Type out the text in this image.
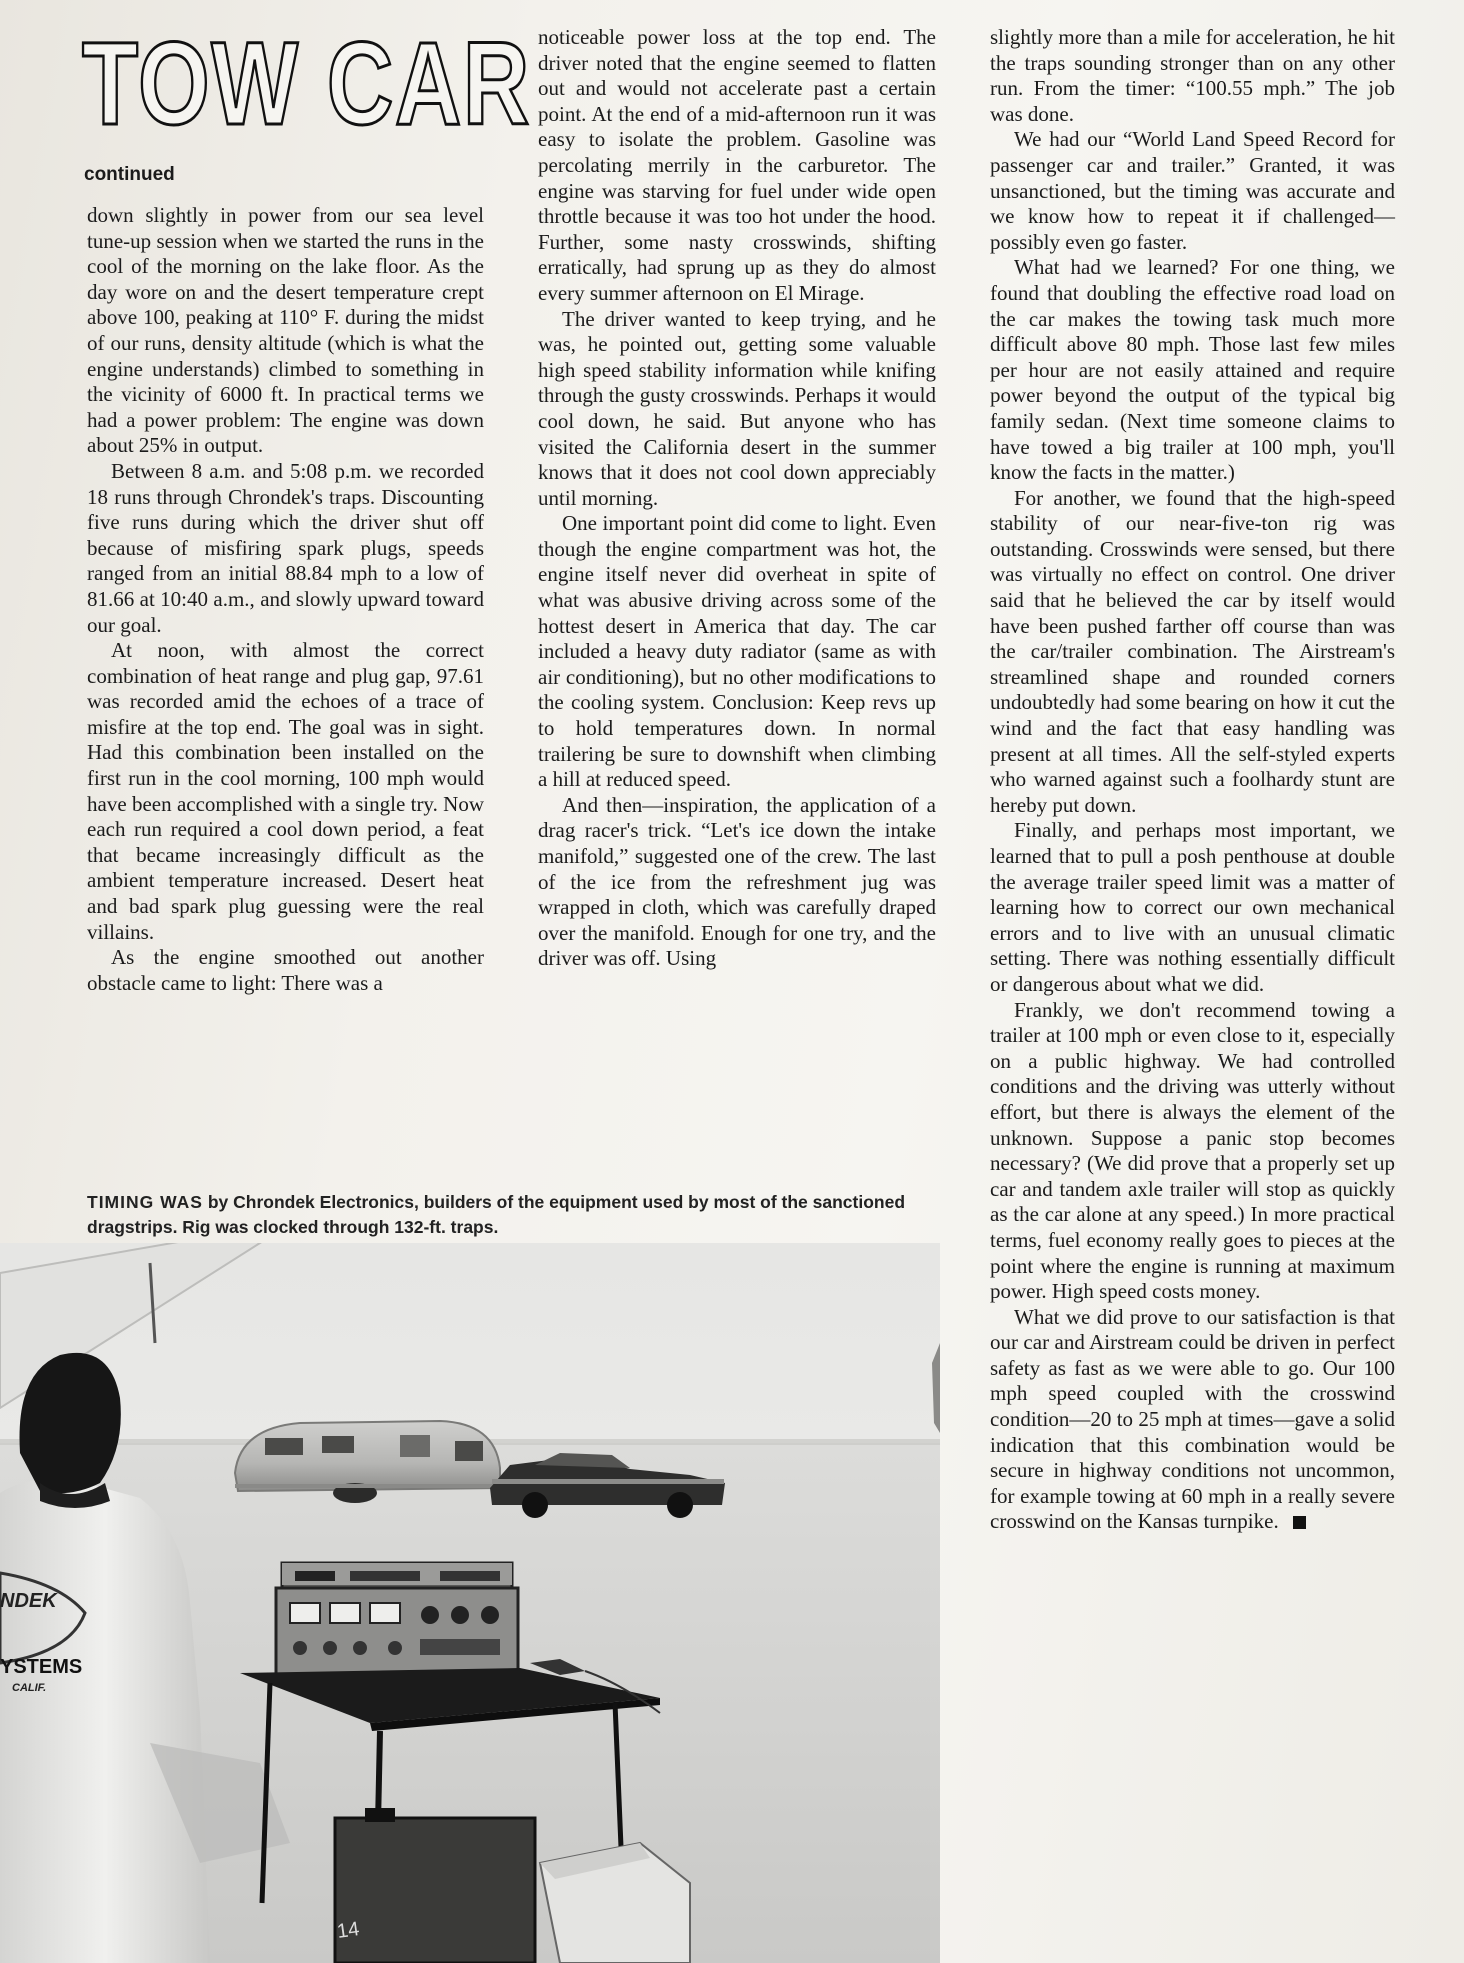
TOW CAR
continued

down slightly in power from our sea level tune-up session when we started the runs in the cool of the morning on the lake floor. As the day wore on and the desert temperature crept above 100, peaking at 110° F. during the midst of our runs, density altitude (which is what the engine understands) climbed to something in the vicinity of 6000 ft. In practical terms we had a power problem: The engine was down about 25% in output.

Between 8 a.m. and 5:08 p.m. we recorded 18 runs through Chrondek's traps. Discounting five runs during which the driver shut off because of misfiring spark plugs, speeds ranged from an initial 88.84 mph to a low of 81.66 at 10:40 a.m., and slowly upward toward our goal.

At noon, with almost the correct combination of heat range and plug gap, 97.61 was recorded amid the echoes of a trace of misfire at the top end. The goal was in sight. Had this combination been installed on the first run in the cool morning, 100 mph would have been accomplished with a single try. Now each run required a cool down period, a feat that became increasingly difficult as the ambient temperature increased. Desert heat and bad spark plug guessing were the real villains.

As the engine smoothed out another obstacle came to light: There was a

noticeable power loss at the top end. The driver noted that the engine seemed to flatten out and would not accelerate past a certain point. At the end of a mid-afternoon run it was easy to isolate the problem. Gasoline was percolating merrily in the carburetor. The engine was starving for fuel under wide open throttle because it was too hot under the hood. Further, some nasty crosswinds, shifting erratically, had sprung up as they do almost every summer afternoon on El Mirage.

The driver wanted to keep trying, and he was, he pointed out, getting some valuable high speed stability information while knifing through the gusty crosswinds. Perhaps it would cool down, he said. But anyone who has visited the California desert in the summer knows that it does not cool down appreciably until morning.

One important point did come to light. Even though the engine compartment was hot, the engine itself never did overheat in spite of what was abusive driving across some of the hottest desert in America that day. The car included a heavy duty radiator (same as with air conditioning), but no other modifications to the cooling system. Conclusion: Keep revs up to hold temperatures down. In normal trailering be sure to downshift when climbing a hill at reduced speed.

And then—inspiration, the application of a drag racer's trick. “Let's ice down the intake manifold,” suggested one of the crew. The last of the ice from the refreshment jug was wrapped in cloth, which was carefully draped over the manifold. Enough for one try, and the driver was off. Using

slightly more than a mile for acceleration, he hit the traps sounding stronger than on any other run. From the timer: “100.55 mph.” The job was done.

We had our “World Land Speed Record for passenger car and trailer.” Granted, it was unsanctioned, but the timing was accurate and we know how to repeat it if challenged—possibly even go faster.

What had we learned? For one thing, we found that doubling the effective road load on the car makes the towing task much more difficult above 80 mph. Those last few miles per hour are not easily attained and require power beyond the output of the typical big family sedan. (Next time someone claims to have towed a big trailer at 100 mph, you'll know the facts in the matter.)

For another, we found that the high-speed stability of our near-five-ton rig was outstanding. Crosswinds were sensed, but there was virtually no effect on control. One driver said that he believed the car by itself would have been pushed farther off course than was the car/trailer combination. The Airstream's streamlined shape and rounded corners undoubtedly had some bearing on how it cut the wind and the fact that easy handling was present at all times. All the self-styled experts who warned against such a foolhardy stunt are hereby put down.

Finally, and perhaps most important, we learned that to pull a posh penthouse at double the average trailer speed limit was a matter of learning how to correct our own mechanical errors and to live with an unusual climatic setting. There was nothing essentially difficult or dangerous about what we did.

Frankly, we don't recommend towing a trailer at 100 mph or even close to it, especially on a public highway. We had controlled conditions and the driving was utterly without effort, but there is always the element of the unknown. Suppose a panic stop becomes necessary? (We did prove that a properly set up car and tandem axle trailer will stop as quickly as the car alone at any speed.) In more practical terms, fuel economy really goes to pieces at the point where the engine is running at maximum power. High speed costs money.

What we did prove to our satisfaction is that our car and Airstream could be driven in perfect safety as fast as we were able to go. Our 100 mph speed coupled with the crosswind condition—20 to 25 mph at times—gave a solid indication that this combination would be secure in highway conditions not uncommon, for example towing at 60 mph in a really severe crosswind on the Kansas turnpike.

TIMING WAS by Chrondek Electronics, builders of the equipment used by most of the sanctioned dragstrips. Rig was clocked through 132-ft. traps.

NDEK
YSTEMS
CALIF.
14
